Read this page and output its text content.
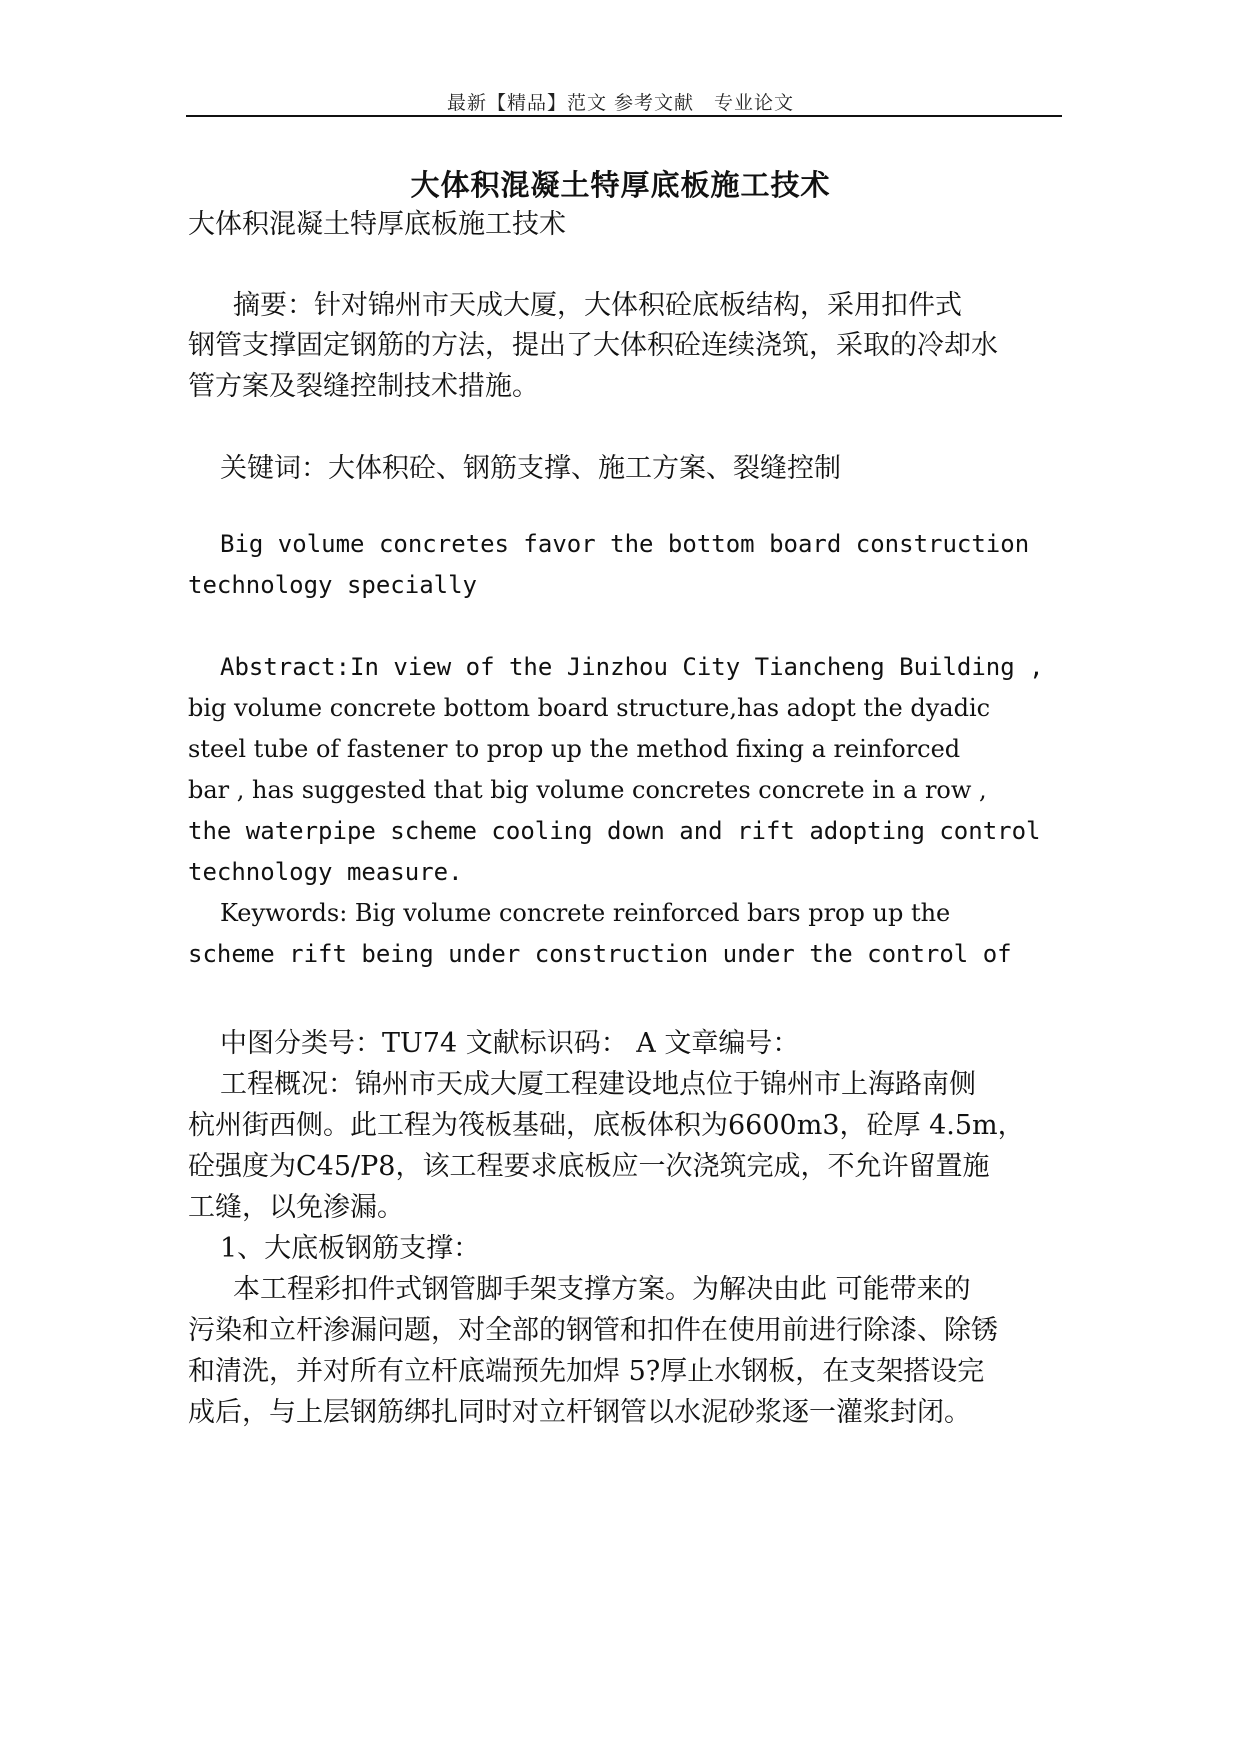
最新【精品】范文 参考文献　专业论文
大体积混凝土特厚底板施工技术
大体积混凝土特厚底板施工技术
摘要：针对锦州市天成大厦，大体积砼底板结构，采用扣件式
钢管支撑固定钢筋的方法，提出了大体积砼连续浇筑，采取的冷却水
管方案及裂缝控制技术措施。
关键词：大体积砼、钢筋支撑、施工方案、裂缝控制
Big volume concretes favor the bottom board construction
technology specially
Abstract:In view of the Jinzhou City Tiancheng Building ,
big volume concrete bottom board structure,has adopt the dyadic
steel tube of fastener to prop up the method fixing a reinforced
bar , has suggested that big volume concretes concrete in a row ,
the waterpipe scheme cooling down and rift adopting control
technology measure.
Keywords: Big volume concrete reinforced bars prop up the
scheme rift being under construction under the control of
中图分类号：TU74 文献标识码： A 文章编号：
工程概况：锦州市天成大厦工程建设地点位于锦州市上海路南侧
杭州街西侧。此工程为筏板基础，底板体积为6600m3，砼厚 4.5m，
砼强度为C45/P8，该工程要求底板应一次浇筑完成，不允许留置施
工缝，以免渗漏。
1、大底板钢筋支撑：
本工程彩扣件式钢管脚手架支撑方案。为解决由此 可能带来的
污染和立杆渗漏问题，对全部的钢管和扣件在使用前进行除漆、除锈
和清洗，并对所有立杆底端预先加焊 5?厚止水钢板，在支架搭设完
成后，与上层钢筋绑扎同时对立杆钢管以水泥砂浆逐一灌浆封闭。
